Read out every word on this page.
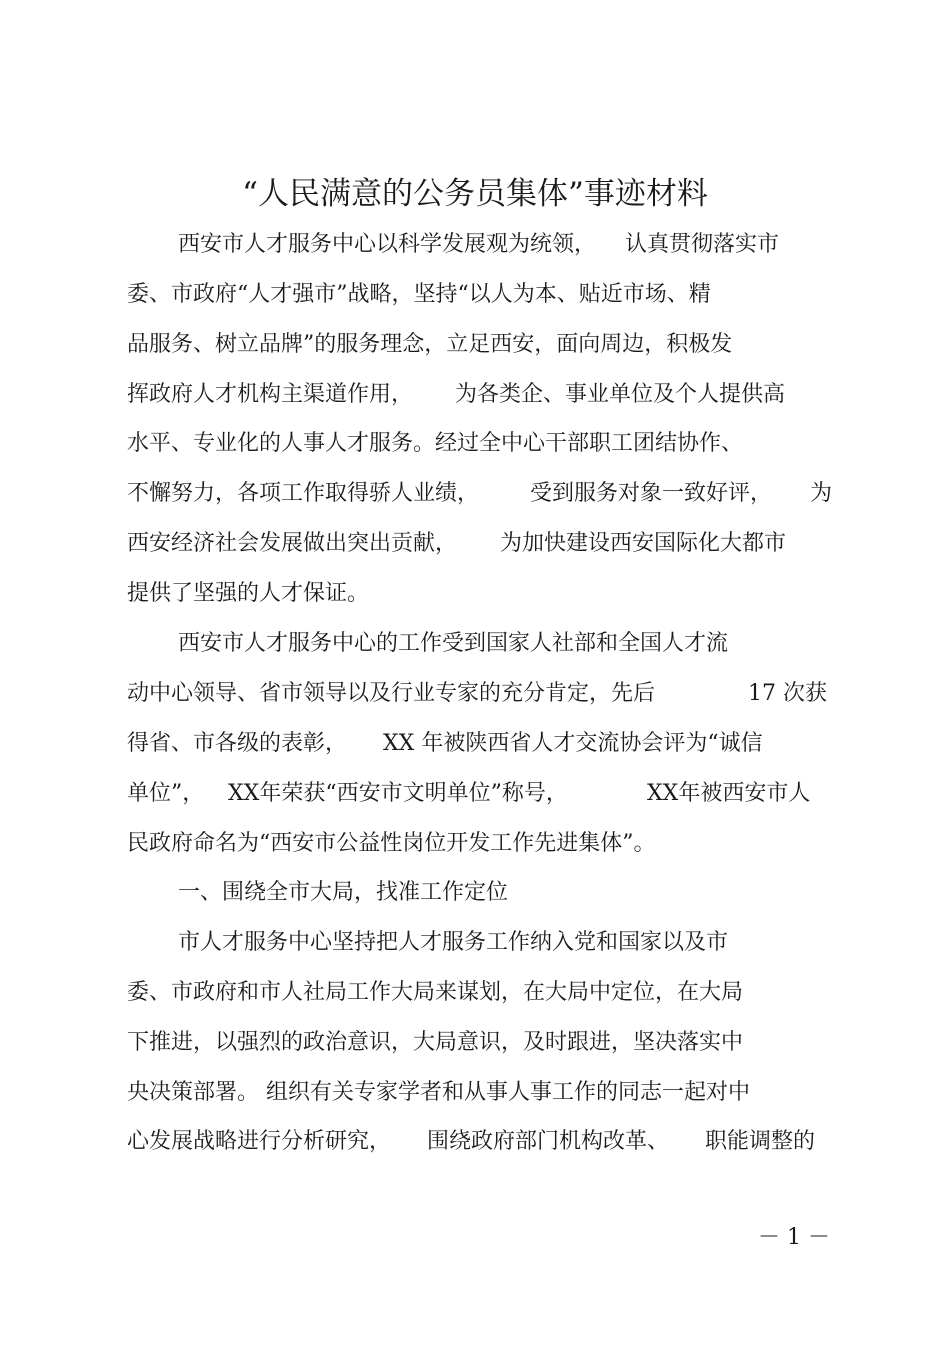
“人民满意的公务员集体”事迹材料
西安市人才服务中心以科学发展观为统领， 认真贯彻落实市
委、市政府“人才强市”战略，坚持“以人为本、贴近市场、精
品服务、树立品牌”的服务理念，立足西安，面向周边，积极发
挥政府人才机构主渠道作用， 为各类企、事业单位及个人提供高
水平、专业化的人事人才服务。经过全中心干部职工团结协作、
不懈努力，各项工作取得骄人业绩， 受到服务对象一致好评， 为
西安经济社会发展做出突出贡献， 为加快建设西安国际化大都市
提供了坚强的人才保证。
西安市人才服务中心的工作受到国家人社部和全国人才流
动中心领导、省市领导以及行业专家的充分肯定，先后	17 次获
得省、市各级的表彰， XX 年被陕西省人才交流协会评为“诚信
单位”， XX年荣获“西安市文明单位”称号，	XX年被西安市人
民政府命名为“西安市公益性岗位开发工作先进集体”。
一、围绕全市大局，找准工作定位
市人才服务中心坚持把人才服务工作纳入党和国家以及市
委、市政府和市人社局工作大局来谋划，在大局中定位，在大局
下推进，以强烈的政治意识，大局意识，及时跟进，坚决落实中
央决策部署。 组织有关专家学者和从事人事工作的同志一起对中
心发展战略进行分析研究， 围绕政府部门机构改革、 职能调整的
－ 1 －
